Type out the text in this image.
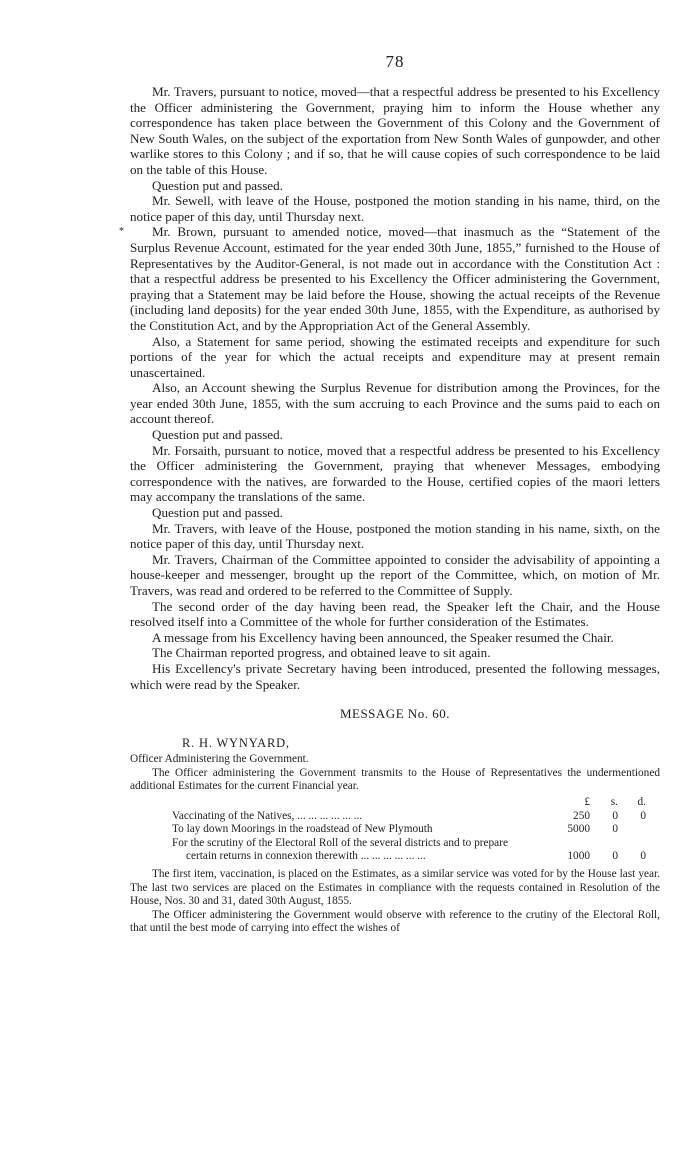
78
*

Mr. Travers, pursuant to notice, moved—that a respectful address be presented to his Excellency the Officer administering the Government, praying him to inform the House whether any correspondence has taken place between the Government of this Colony and the Government of New South Wales, on the subject of the exportation from New Sonth Wales of gunpowder, and other warlike stores to this Colony ; and if so, that he will cause copies of such correspondence to be laid on the table of this House.

Question put and passed.

Mr. Sewell, with leave of the House, postponed the motion standing in his name, third, on the notice paper of this day, until Thursday next.

Mr. Brown, pursuant to amended notice, moved—that inasmuch as the “Statement of the Surplus Revenue Account, estimated for the year ended 30th June, 1855,” furnished to the House of Representatives by the Auditor-General, is not made out in accordance with the Constitution Act : that a respectful address be presented to his Excellency the Officer administering the Government, praying that a Statement may be laid before the House, showing the actual receipts of the Revenue (including land deposits) for the year ended 30th June, 1855, with the Expenditure, as authorised by the Constitution Act, and by the Appropriation Act of the General Assembly.

Also, a Statement for same period, showing the estimated receipts and expenditure for such portions of the year for which the actual receipts and expenditure may at present remain unascertained.

Also, an Account shewing the Surplus Revenue for distribution among the Provinces, for the year ended 30th June, 1855, with the sum accruing to each Province and the sums paid to each on account thereof.

Question put and passed.

Mr. Forsaith, pursuant to notice, moved that a respectful address be presented to his Excellency the Officer administering the Government, praying that whenever Messages, embodying correspondence with the natives, are forwarded to the House, certified copies of the maori letters may accompany the translations of the same.

Question put and passed.

Mr. Travers, with leave of the House, postponed the motion standing in his name, sixth, on the notice paper of this day, until Thursday next.

Mr. Travers, Chairman of the Committee appointed to consider the advisability of appointing a house-keeper and messenger, brought up the report of the Committee, which, on motion of Mr. Travers, was read and ordered to be referred to the Committee of Supply.

The second order of the day having been read, the Speaker left the Chair, and the House resolved itself into a Committee of the whole for further consideration of the Estimates.

A message from his Excellency having been announced, the Speaker resumed the Chair.

The Chairman reported progress, and obtained leave to sit again.

His Excellency's private Secretary having been introduced, presented the following messages, which were read by the Speaker.

MESSAGE No. 60.
R. H. WYNYARD,

Officer Administering the Government.

The Officer administering the Government transmits to the House of Representatives the undermentioned additional Estimates for the current Financial year.

£	s.	d.
Vaccinating of the Natives, ... ... ... ... ... ...	250	0	0
To lay down Moorings in the roadstead of New Plymouth	5000	0
For the scrutiny of the Electoral Roll of the several districts and to prepare certain returns in connexion therewith ... ... ... ... ... ...	1000	0	0

The first item, vaccination, is placed on the Estimates, as a similar service was voted for by the House last year. The last two services are placed on the Estimates in compliance with the requests contained in Resolution of the House, Nos. 30 and 31, dated 30th August, 1855.

The Officer administering the Government would observe with reference to the crutiny of the Electoral Roll, that until the best mode of carrying into effect the wishes of
